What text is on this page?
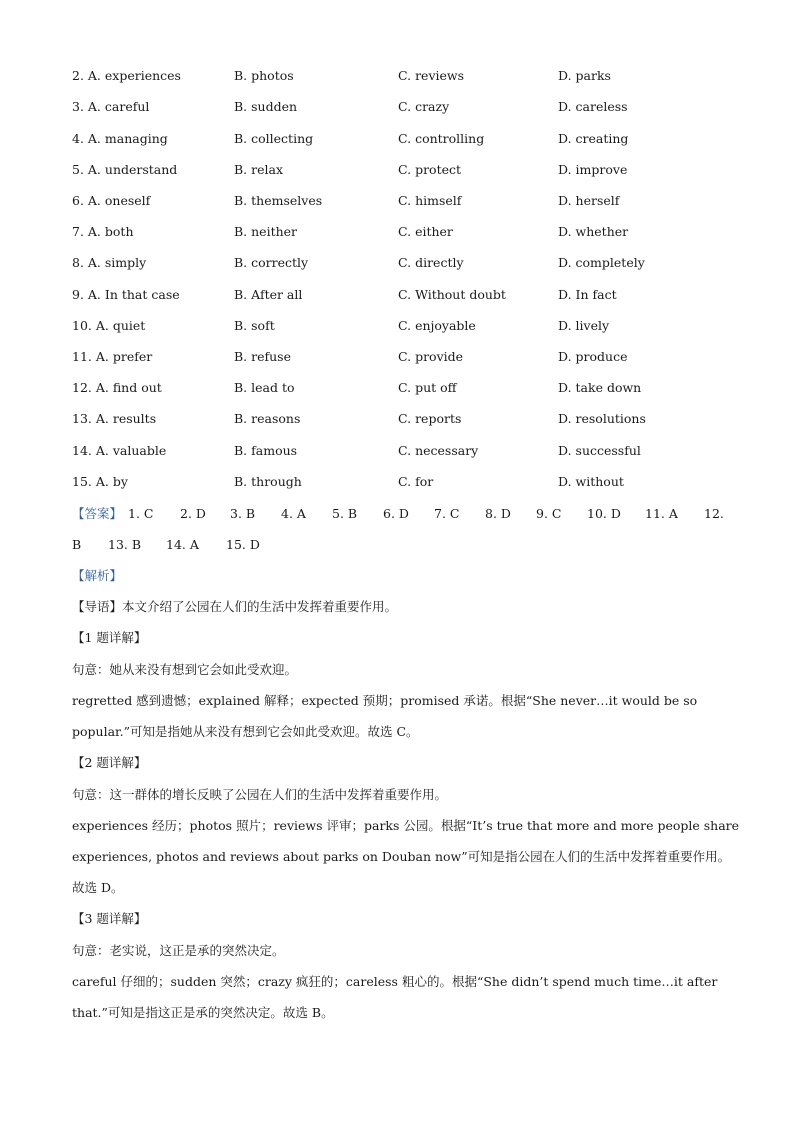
2. A. experiences	B. photos	C. reviews	D. parks
3. A. careful	B. sudden	C. crazy	D. careless
4. A. managing	B. collecting	C. controlling	D. creating
5. A. understand	B. relax	C. protect	D. improve
6. A. oneself	B. themselves	C. himself	D. herself
7. A. both	B. neither	C. either	D. whether
8. A. simply	B. correctly	C. directly	D. completely
9. A. In that case	B. After all	C. Without doubt	D. In fact
10. A. quiet	B. soft	C. enjoyable	D. lively
11. A. prefer	B. refuse	C. provide	D. produce
12. A. find out	B. lead to	C. put off	D. take down
13. A. results	B. reasons	C. reports	D. resolutions
14. A. valuable	B. famous	C. necessary	D. successful
15. A. by	B. through	C. for	D. without
【答案】 1. C 2. D 3. B 4. A 5. B 6. D 7. C 8. D 9. C 10. D 11. A 12.
B 13. B 14. A 15. D
【解析】
【导语】本文介绍了公园在人们的生活中发挥着重要作用。
【1 题详解】
句意：她从来没有想到它会如此受欢迎。
regretted 感到遗憾；explained 解释；expected 预期；promised 承诺。根据“She never…it would be so
popular.”可知是指她从来没有想到它会如此受欢迎。故选 C。
【2 题详解】
句意：这一群体的增长反映了公园在人们的生活中发挥着重要作用。
experiences 经历；photos 照片；reviews 评审；parks 公园。根据“It’s true that more and more people share
experiences, photos and reviews about parks on Douban now”可知是指公园在人们的生活中发挥着重要作用。
故选 D。
【3 题详解】
句意：老实说，这正是承的突然决定。
careful 仔细的；sudden 突然；crazy 疯狂的；careless 粗心的。根据“She didn’t spend much time…it after
that.”可知是指这正是承的突然决定。故选 B。
